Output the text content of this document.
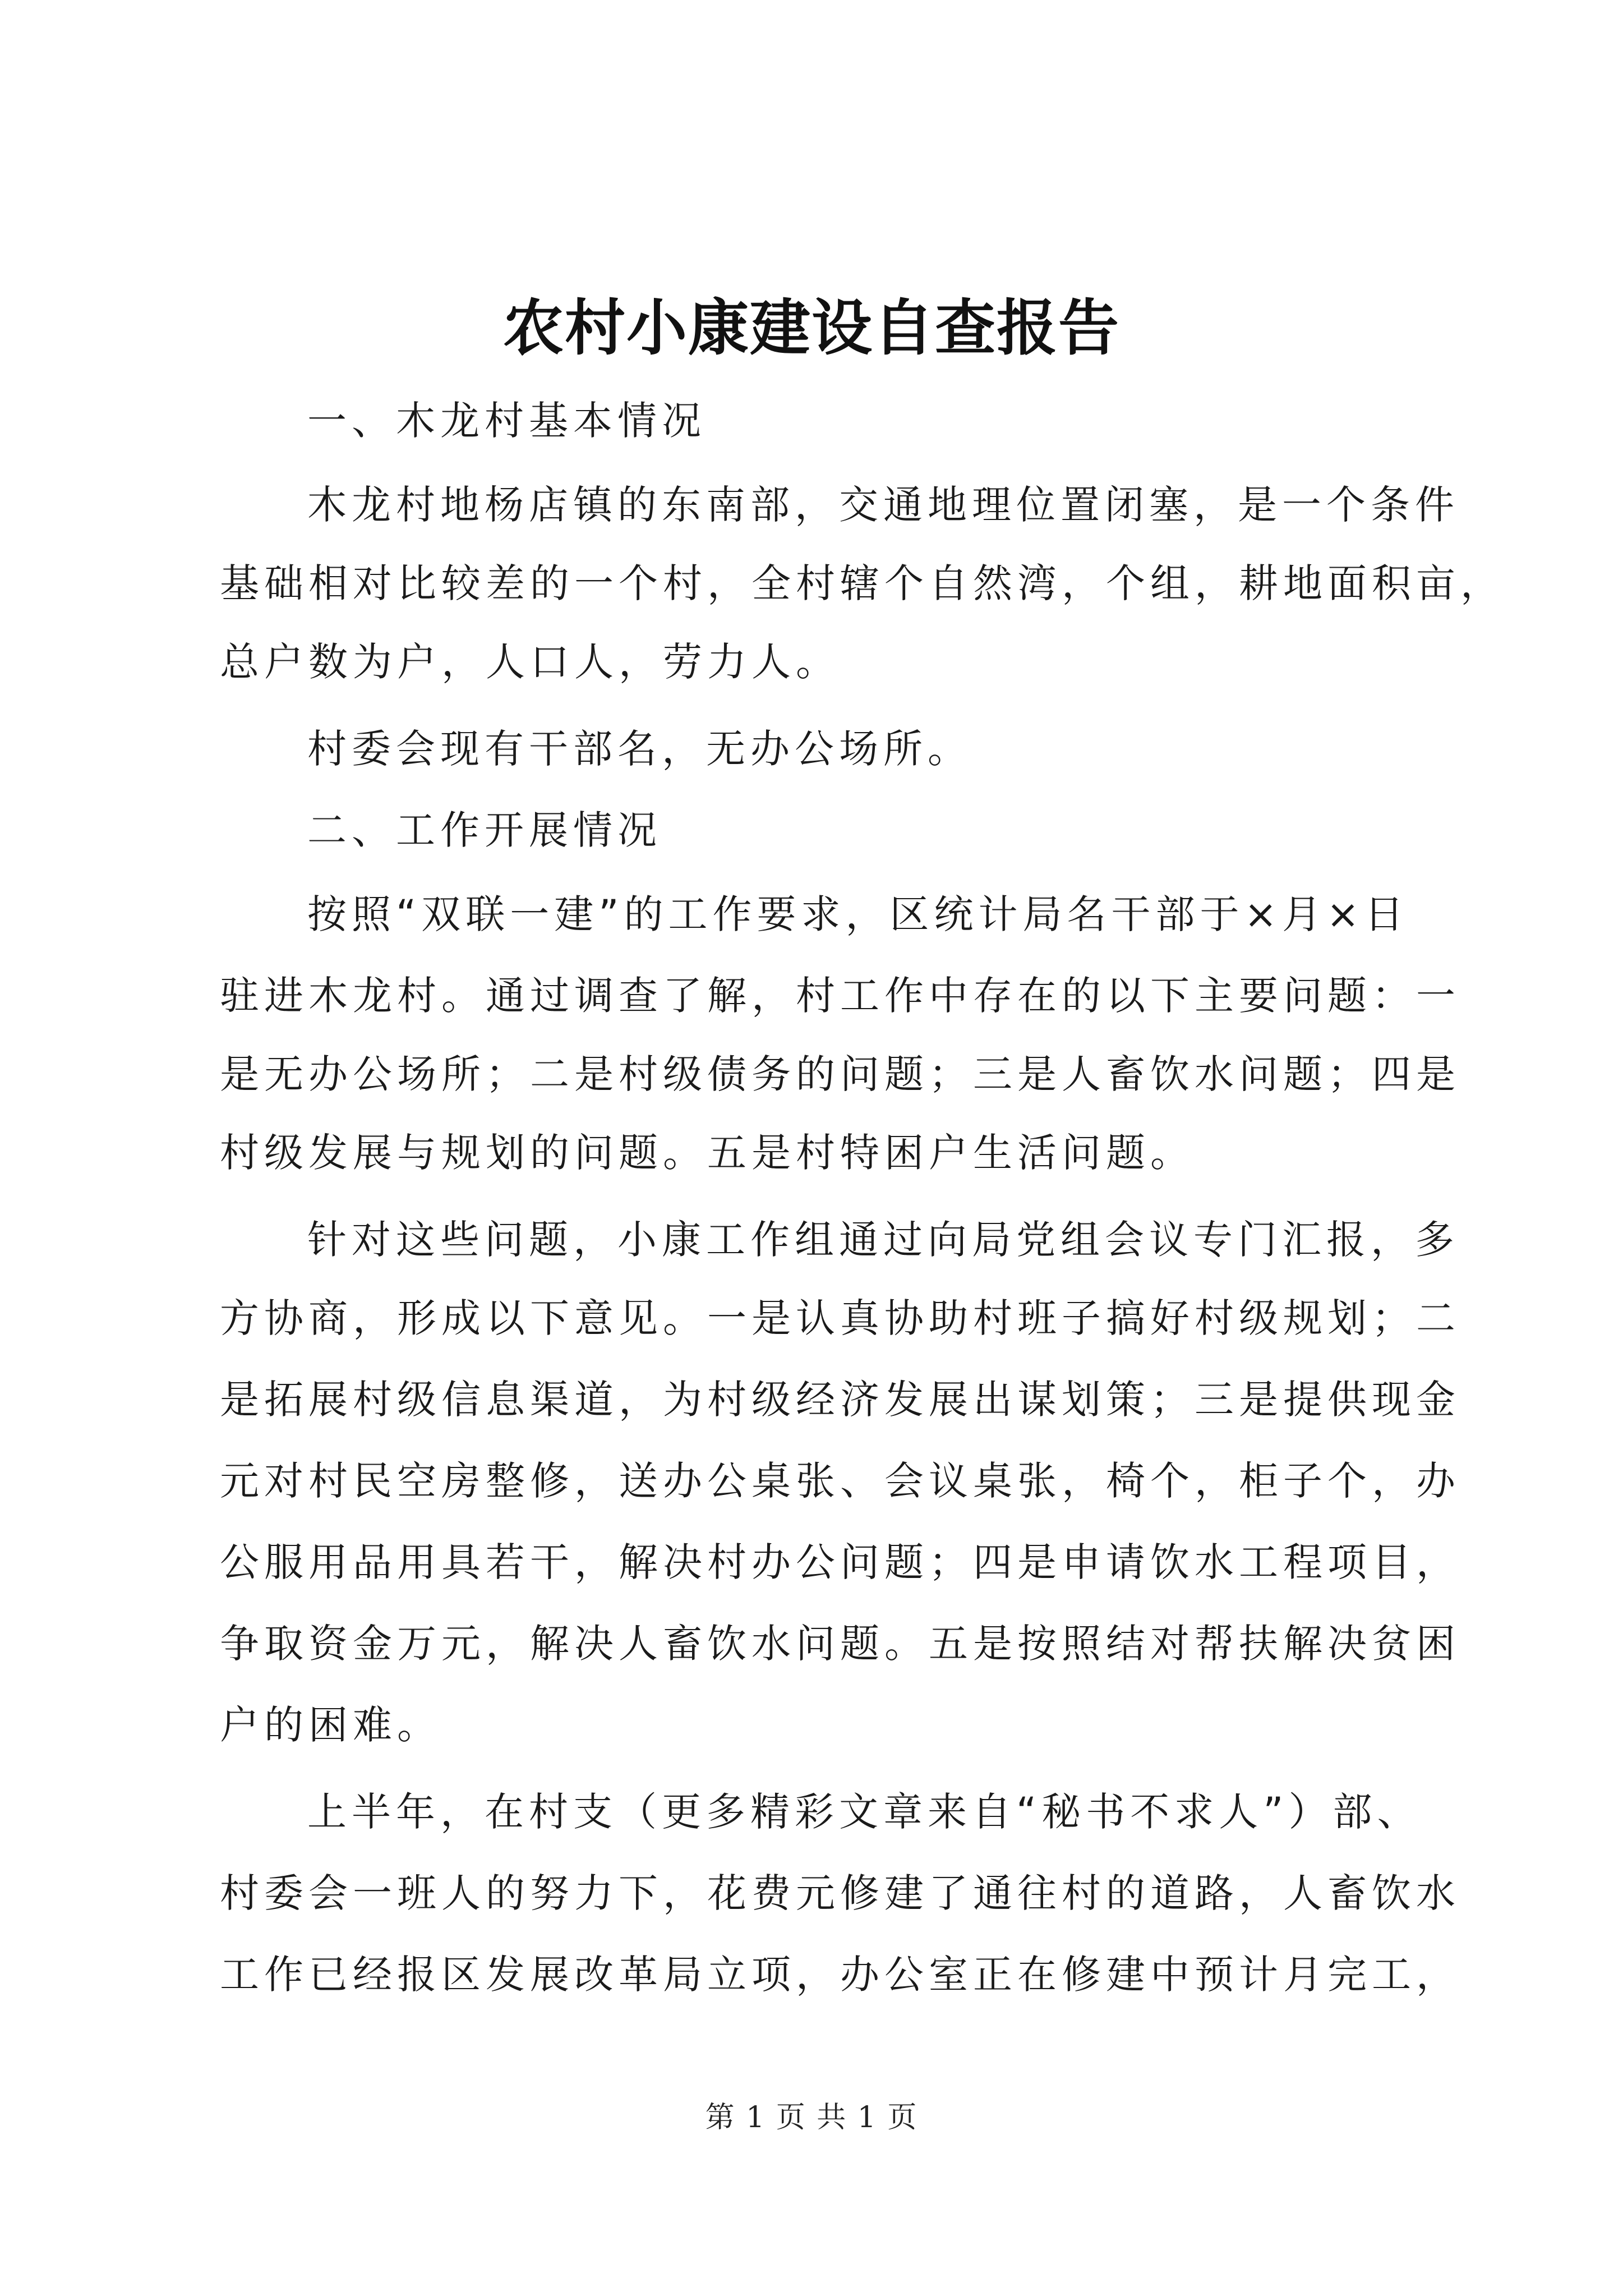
农村小康建设自查报告
一、木龙村基本情况
木龙村地杨店镇的东南部，交通地理位置闭塞，是一个条件
基础相对比较差的一个村，全村辖个自然湾，个组，耕地面积亩，
总户数为户，人口人，劳力人。
村委会现有干部名，无办公场所。
二、工作开展情况
按照“双联一建”的工作要求，区统计局名干部于×月×日
驻进木龙村。通过调查了解，村工作中存在的以下主要问题：一
是无办公场所；二是村级债务的问题；三是人畜饮水问题；四是
村级发展与规划的问题。五是村特困户生活问题。
针对这些问题，小康工作组通过向局党组会议专门汇报，多
方协商，形成以下意见。一是认真协助村班子搞好村级规划；二
是拓展村级信息渠道，为村级经济发展出谋划策；三是提供现金
元对村民空房整修，送办公桌张、会议桌张，椅个，柜子个，办
公服用品用具若干，解决村办公问题；四是申请饮水工程项目，
争取资金万元，解决人畜饮水问题。五是按照结对帮扶解决贫困
户的困难。
上半年，在村支（更多精彩文章来自“秘书不求人”）部、
村委会一班人的努力下，花费元修建了通往村的道路，人畜饮水
工作已经报区发展改革局立项，办公室正在修建中预计月完工，
第 1 页 共 1 页
